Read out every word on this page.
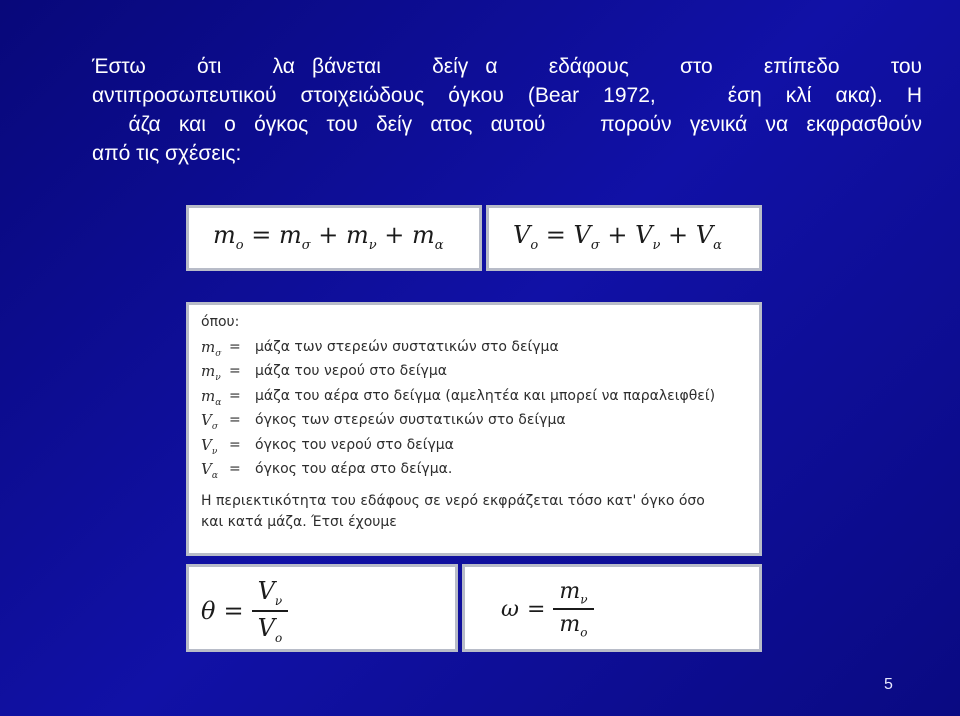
Έστω   ότι   λα βάνεται   δείγ α   εδάφους   στο   επίπεδο   του
αντιπροσωπευτικού στοιχειώδους όγκου (Bear 1972,   έση κλί ακα). Η
άζα και ο όγκος του δείγ ατος αυτού   πορούν γενικά να εκφρασθούν
από τις σχέσεις:
$m_o = m_\sigma + m_\nu + m_\alpha$	$V_o = V_\sigma + V_\nu + V_\alpha$
όπου:
$m_\sigma$ =	μάζα των στερεών συστατικών στο δείγμα
$m_\nu$ =	μάζα του νερού στο δείγμα
$m_\alpha$ =	μάζα του αέρα στο δείγμα (αμελητέα και μπορεί να παραλειφθεί)
$V_\sigma$ =	όγκος των στερεών συστατικών στο δείγμα
$V_\nu$ =	όγκος του νερού στο δείγμα
$V_\alpha$ =	όγκος του αέρα στο δείγμα.
Η περιεκτικότητα του εδάφους σε νερό εκφράζεται τόσο κατ' όγκο όσο
και κατά μάζα. Έτσι έχουμε
$\theta = \frac{V_\nu}{V_o}$	$\omega = \frac{m_\nu}{m_o}$
5
